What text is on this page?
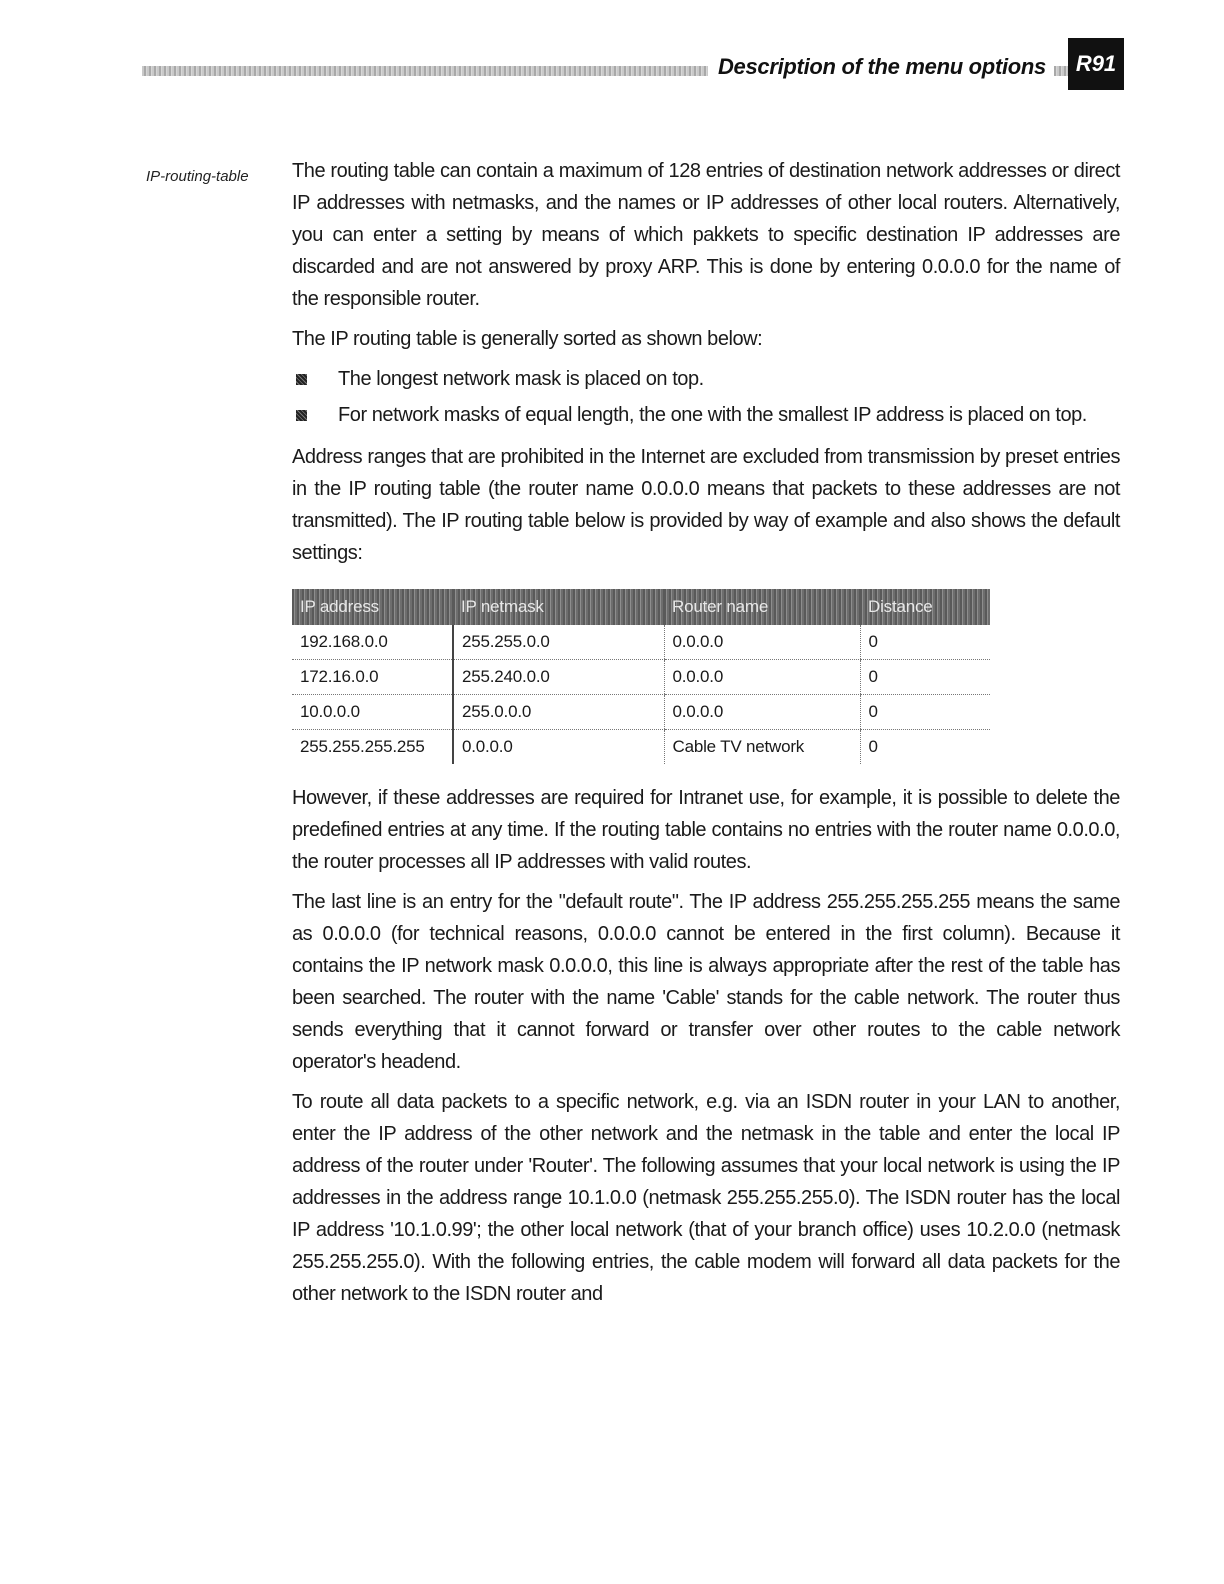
Description of the menu options	R91
IP-routing-table The routing table can contain a maximum of 128 entries of destination network addresses or direct IP addresses with netmasks, and the names or IP addresses of other local routers. Alternatively, you can enter a setting by means of which pakkets to specific destination IP addresses are discarded and are not answered by proxy ARP. This is done by entering 0.0.0.0 for the name of the responsible router.

The IP routing table is generally sorted as shown below:

The longest network mask is placed on top.
For network masks of equal length, the one with the smallest IP address is placed on top.

Address ranges that are prohibited in the Internet are excluded from transmission by preset entries in the IP routing table (the router name 0.0.0.0 means that packets to these addresses are not transmitted). The IP routing table below is provided by way of example and also shows the default settings:

IP address	IP netmask	Router name	Distance
192.168.0.0	255.255.0.0	0.0.0.0	0
172.16.0.0	255.240.0.0	0.0.0.0	0
10.0.0.0	255.0.0.0	0.0.0.0	0
255.255.255.255	0.0.0.0	Cable TV network	0

However, if these addresses are required for Intranet use, for example, it is possible to delete the predefined entries at any time. If the routing table contains no entries with the router name 0.0.0.0, the router processes all IP addresses with valid routes.

The last line is an entry for the "default route". The IP address 255.255.255.255 means the same as 0.0.0.0 (for technical reasons, 0.0.0.0 cannot be entered in the first column). Because it contains the IP network mask 0.0.0.0, this line is always appropriate after the rest of the table has been searched. The router with the name 'Cable' stands for the cable network. The router thus sends everything that it cannot forward or transfer over other routes to the cable network operator's headend.

To route all data packets to a specific network, e.g. via an ISDN router in your LAN to another, enter the IP address of the other network and the netmask in the table and enter the local IP address of the router under 'Router'. The following assumes that your local network is using the IP addresses in the address range 10.1.0.0 (netmask 255.255.255.0). The ISDN router has the local IP address '10.1.0.99'; the other local network (that of your branch office) uses 10.2.0.0 (netmask 255.255.255.0). With the following entries, the cable modem will forward all data packets for the other network to the ISDN router and
